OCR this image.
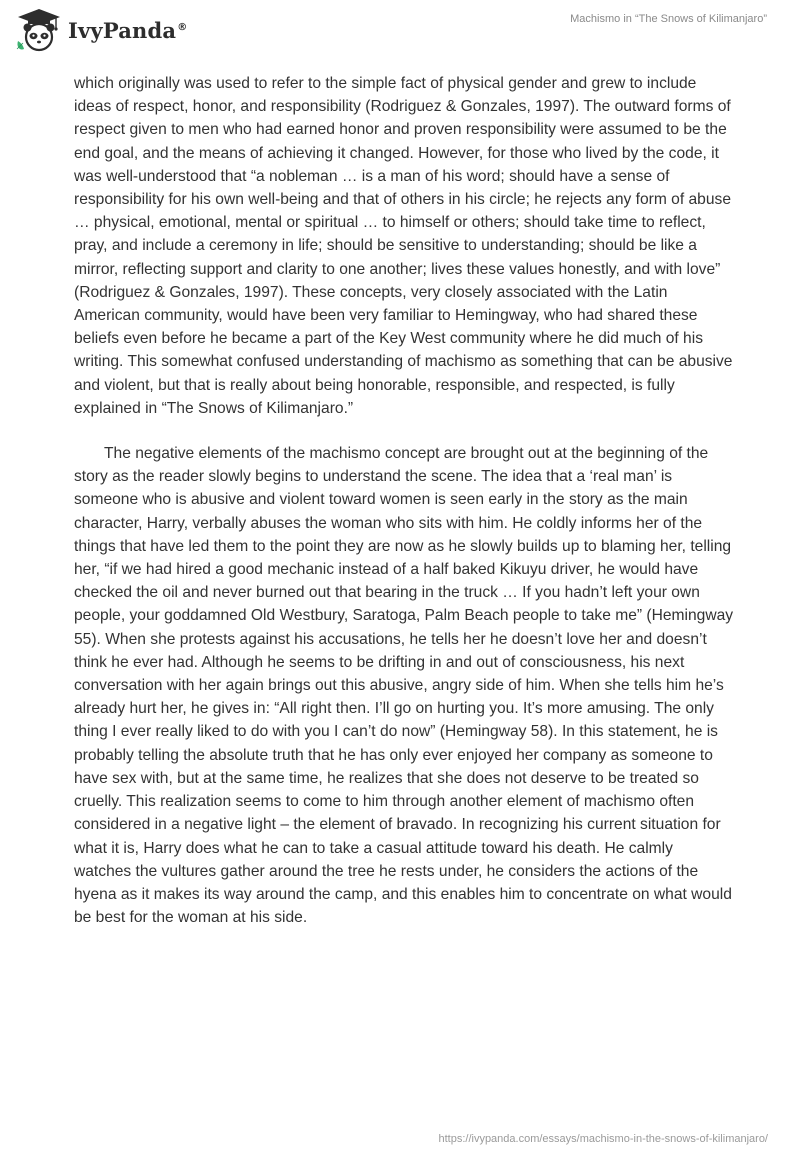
IvyPanda®
Machismo in “The Snows of Kilimanjaro”

which originally was used to refer to the simple fact of physical gender and grew to include ideas of respect, honor, and responsibility (Rodriguez & Gonzales, 1997). The outward forms of respect given to men who had earned honor and proven responsibility were assumed to be the end goal, and the means of achieving it changed. However, for those who lived by the code, it was well-understood that “a nobleman … is a man of his word; should have a sense of responsibility for his own well-being and that of others in his circle; he rejects any form of abuse … physical, emotional, mental or spiritual … to himself or others; should take time to reflect, pray, and include a ceremony in life; should be sensitive to understanding; should be like a mirror, reflecting support and clarity to one another; lives these values honestly, and with love” (Rodriguez & Gonzales, 1997). These concepts, very closely associated with the Latin American community, would have been very familiar to Hemingway, who had shared these beliefs even before he became a part of the Key West community where he did much of his writing. This somewhat confused understanding of machismo as something that can be abusive and violent, but that is really about being honorable, responsible, and respected, is fully explained in “The Snows of Kilimanjaro.”

The negative elements of the machismo concept are brought out at the beginning of the story as the reader slowly begins to understand the scene. The idea that a ‘real man’ is someone who is abusive and violent toward women is seen early in the story as the main character, Harry, verbally abuses the woman who sits with him. He coldly informs her of the things that have led them to the point they are now as he slowly builds up to blaming her, telling her, “if we had hired a good mechanic instead of a half baked Kikuyu driver, he would have checked the oil and never burned out that bearing in the truck … If you hadn’t left your own people, your goddamned Old Westbury, Saratoga, Palm Beach people to take me” (Hemingway 55). When she protests against his accusations, he tells her he doesn’t love her and doesn’t think he ever had. Although he seems to be drifting in and out of consciousness, his next conversation with her again brings out this abusive, angry side of him. When she tells him he’s already hurt her, he gives in: “All right then. I’ll go on hurting you. It’s more amusing. The only thing I ever really liked to do with you I can’t do now” (Hemingway 58). In this statement, he is probably telling the absolute truth that he has only ever enjoyed her company as someone to have sex with, but at the same time, he realizes that she does not deserve to be treated so cruelly. This realization seems to come to him through another element of machismo often considered in a negative light – the element of bravado. In recognizing his current situation for what it is, Harry does what he can to take a casual attitude toward his death. He calmly watches the vultures gather around the tree he rests under, he considers the actions of the hyena as it makes its way around the camp, and this enables him to concentrate on what would be best for the woman at his side.

https://ivypanda.com/essays/machismo-in-the-snows-of-kilimanjaro/
